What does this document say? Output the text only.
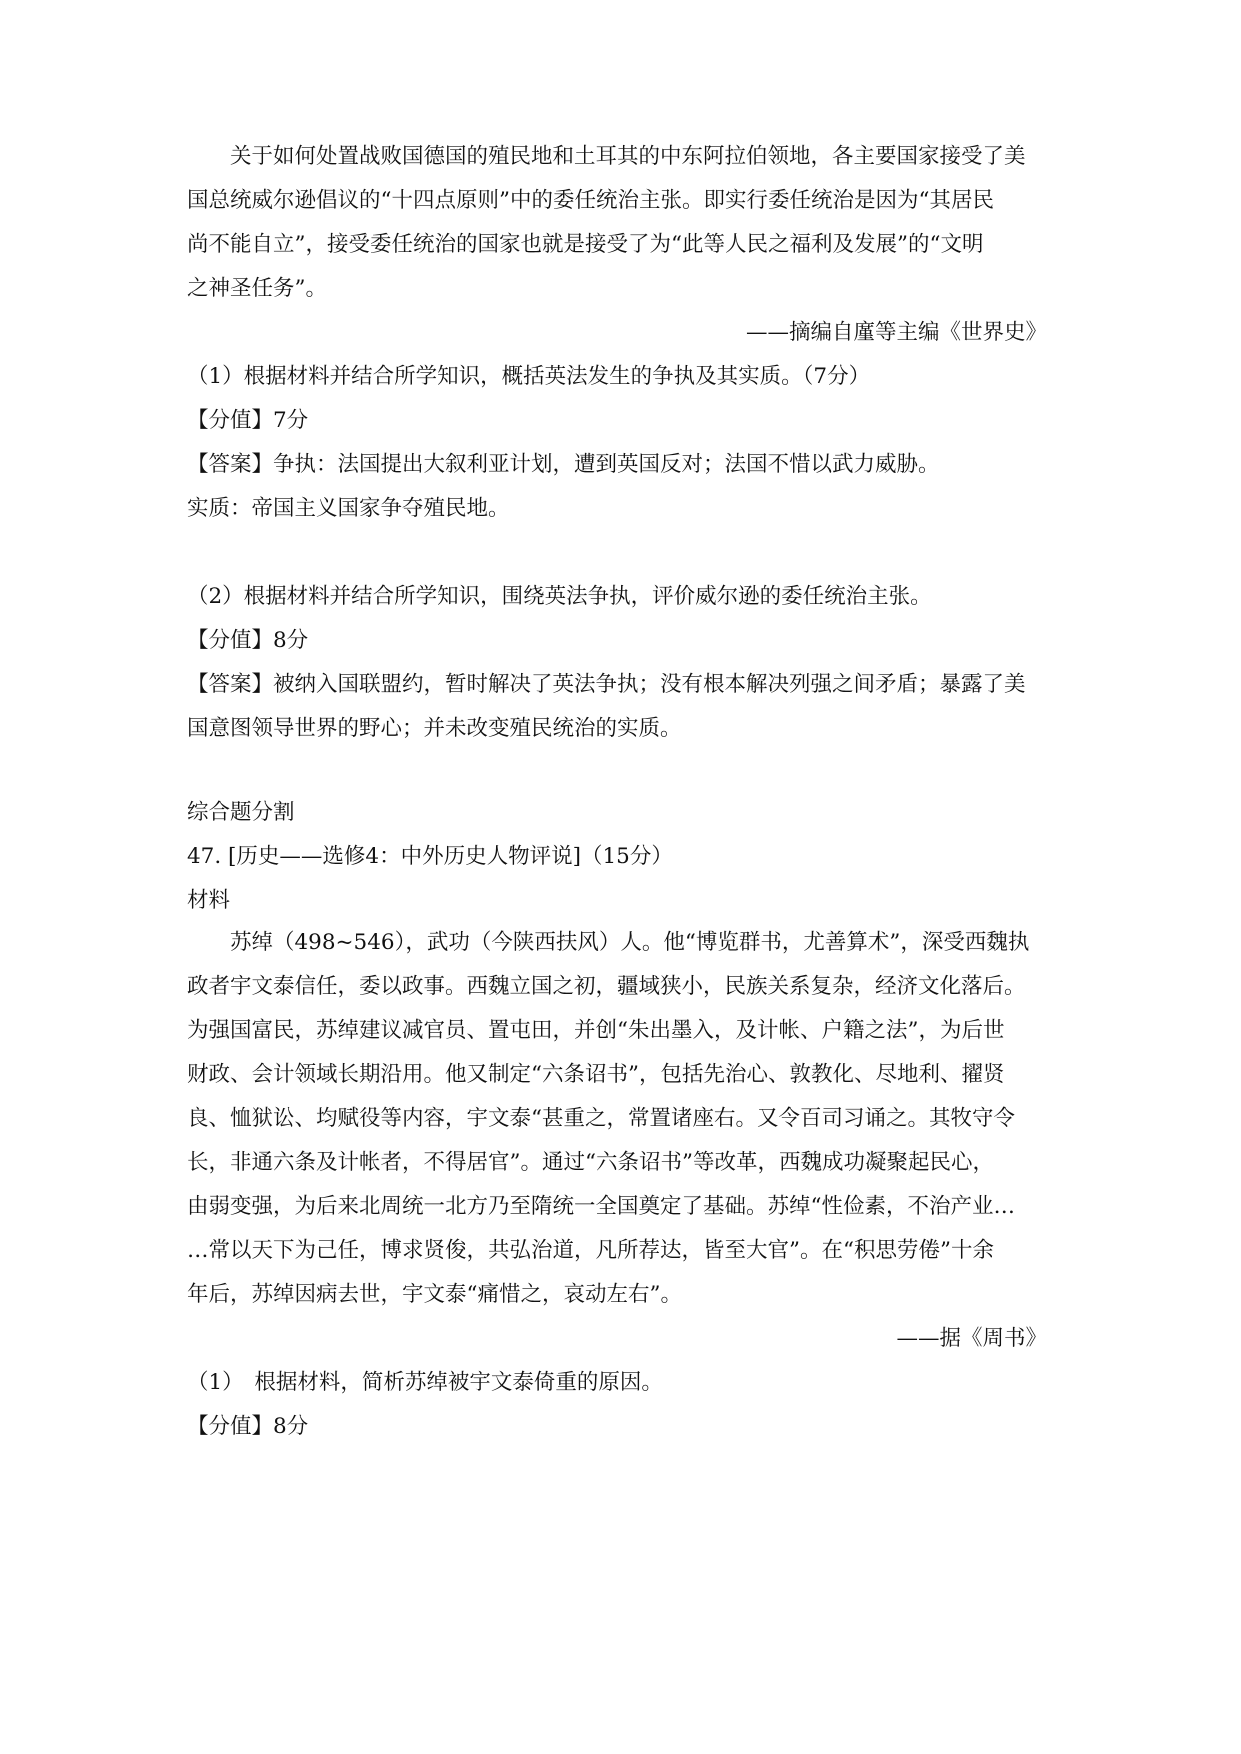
关于如何处置战败国德国的殖民地和土耳其的中东阿拉伯领地，各主要国家接受了美
国总统威尔逊倡议的“十四点原则”中的委任统治主张。即实行委任统治是因为“其居民
尚不能自立”，接受委任统治的国家也就是接受了为“此等人民之福利及发展”的“文明
之神圣任务”。
——摘编自廑等主编《世界史》
（1）根据材料并结合所学知识，概括英法发生的争执及其实质。（7分）
【分值】7分
【答案】争执：法国提出大叙利亚计划，遭到英国反对；法国不惜以武力威胁。
实质：帝国主义国家争夺殖民地。
（2）根据材料并结合所学知识，围绕英法争执，评价威尔逊的委任统治主张。
【分值】8分
【答案】被纳入国联盟约，暂时解决了英法争执；没有根本解决列强之间矛盾；暴露了美
国意图领导世界的野心；并未改变殖民统治的实质。
综合题分割
47. [历史——选修4：中外历史人物评说]（15分）
材料
苏绰（498~546），武功（今陕西扶风）人。他“博览群书，尤善算术”，深受西魏执
政者宇文泰信任，委以政事。西魏立国之初，疆域狭小，民族关系复杂，经济文化落后。
为强国富民，苏绰建议减官员、置屯田，并创“朱出墨入，及计帐、户籍之法”，为后世
财政、会计领域长期沿用。他又制定“六条诏书”，包括先治心、敦教化、尽地利、擢贤
良、恤狱讼、均赋役等内容，宇文泰“甚重之，常置诸座右。又令百司习诵之。其牧守令
长，非通六条及计帐者，不得居官”。通过“六条诏书”等改革，西魏成功凝聚起民心，
由弱变强，为后来北周统一北方乃至隋统一全国奠定了基础。苏绰“性俭素，不治产业…
…常以天下为己任，博求贤俊，共弘治道，凡所荐达，皆至大官”。在“积思劳倦”十余
年后，苏绰因病去世，宇文泰“痛惜之，哀动左右”。
——据《周书》
（1）　根据材料，简析苏绰被宇文泰倚重的原因。
【分值】8分
